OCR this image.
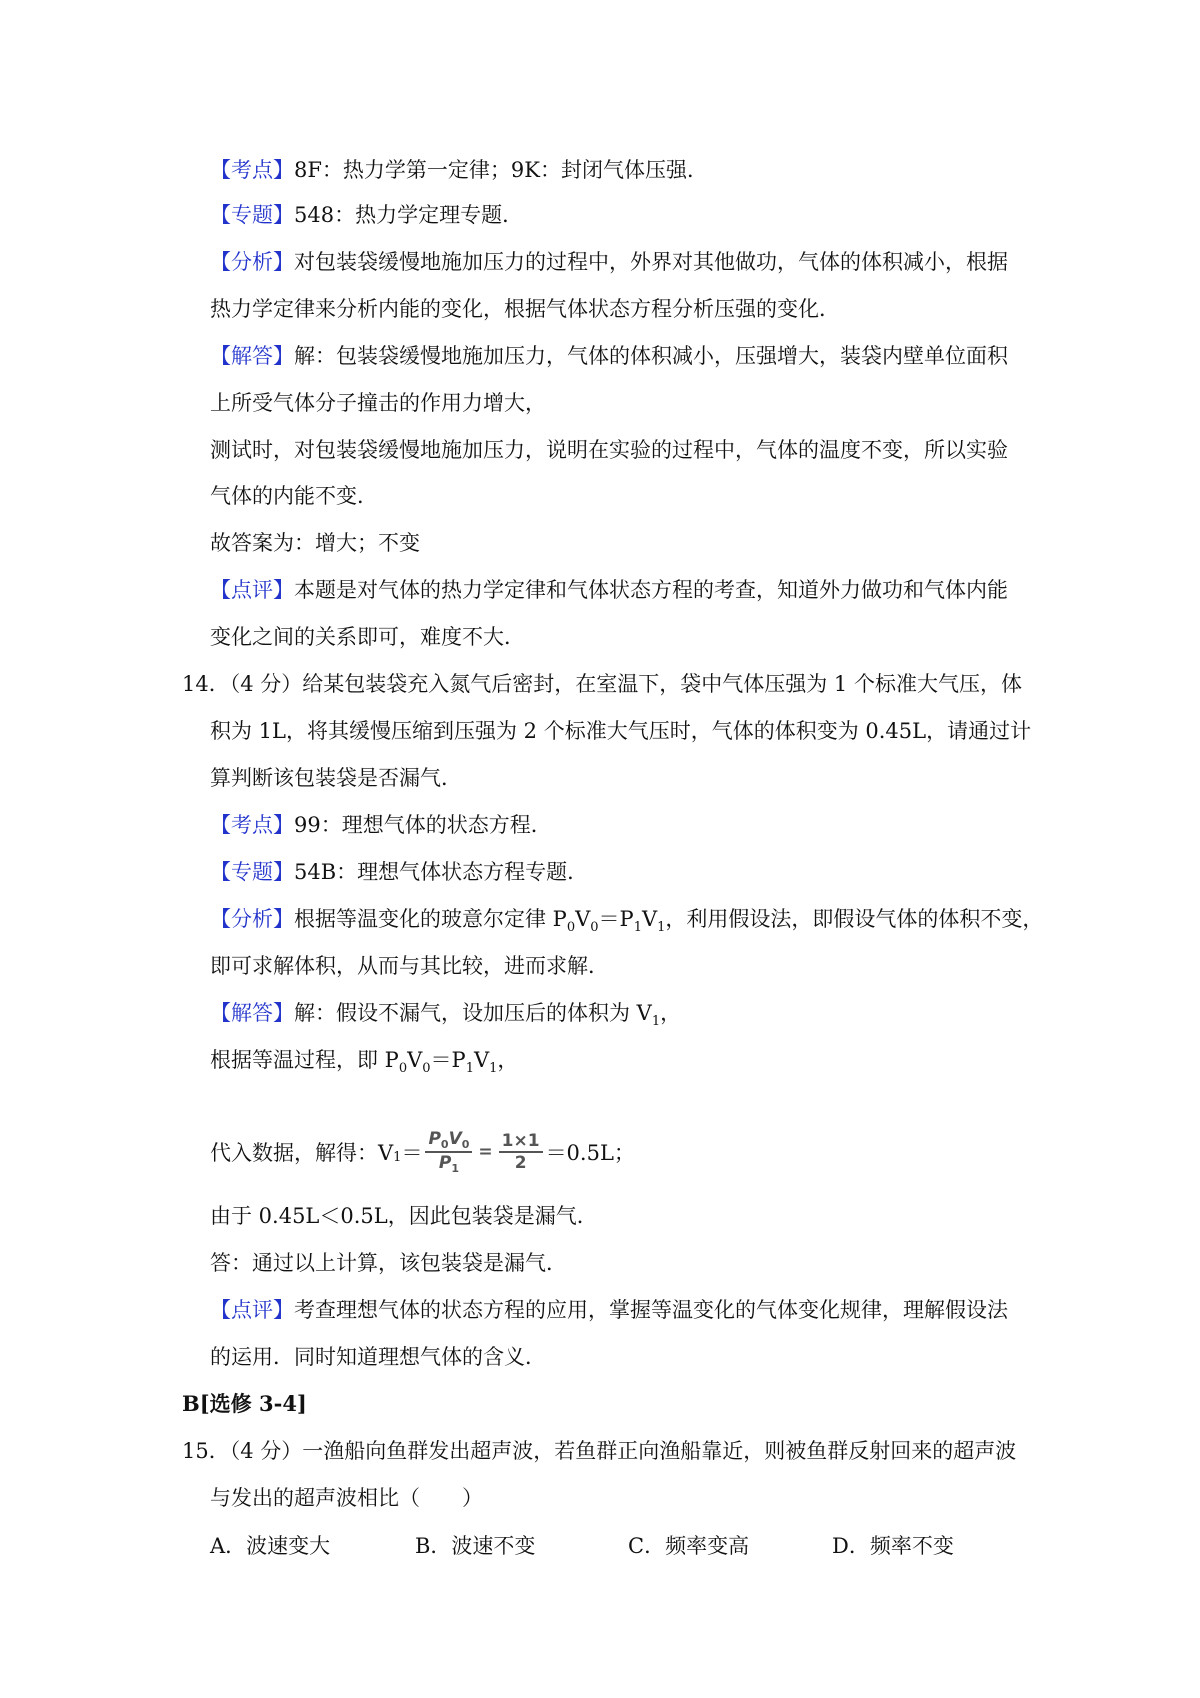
【考点】8F：热力学第一定律；9K：封闭气体压强．
【专题】548：热力学定理专题．
【分析】对包装袋缓慢地施加压力的过程中，外界对其他做功，气体的体积减小，根据
热力学定律来分析内能的变化，根据气体状态方程分析压强的变化．
【解答】解：包装袋缓慢地施加压力，气体的体积减小，压强增大，装袋内壁单位面积
上所受气体分子撞击的作用力增大，
测试时，对包装袋缓慢地施加压力，说明在实验的过程中，气体的温度不变，所以实验
气体的内能不变．
故答案为：增大；不变
【点评】本题是对气体的热力学定律和气体状态方程的考查，知道外力做功和气体内能
变化之间的关系即可，难度不大．
14．（4 分）给某包装袋充入氮气后密封，在室温下，袋中气体压强为 1 个标准大气压，体
积为 1L，将其缓慢压缩到压强为 2 个标准大气压时，气体的体积变为 0.45L，请通过计
算判断该包装袋是否漏气．
【考点】99：理想气体的状态方程．
【专题】54B：理想气体状态方程专题．
【分析】根据等温变化的玻意尔定律 $P_0V_0=P_1V_1$，利用假设法，即假设气体的体积不变，
即可求解体积，从而与其比较，进而求解．
【解答】解：假设不漏气，设加压后的体积为 $V_1$，
根据等温过程，即 $P_0V_0=P_1V_1$，
代入数据，解得：V $1 = \frac{P_0V_0}{P_1} = \frac{1\times 1}{2} =0.5L$；
由于 0.45L＜0.5L，因此包装袋是漏气．
答：通过以上计算，该包装袋是漏气．
【点评】考查理想气体的状态方程的应用，掌握等温变化的气体变化规律，理解假设法
的运用．同时知道理想气体的含义．
B[选修 3-4]
15．（4 分）一渔船向鱼群发出超声波，若鱼群正向渔船靠近，则被鱼群反射回来的超声波
与发出的超声波相比（　　）
A．波速变大	B．波速不变	C．频率变高	D．频率不变
